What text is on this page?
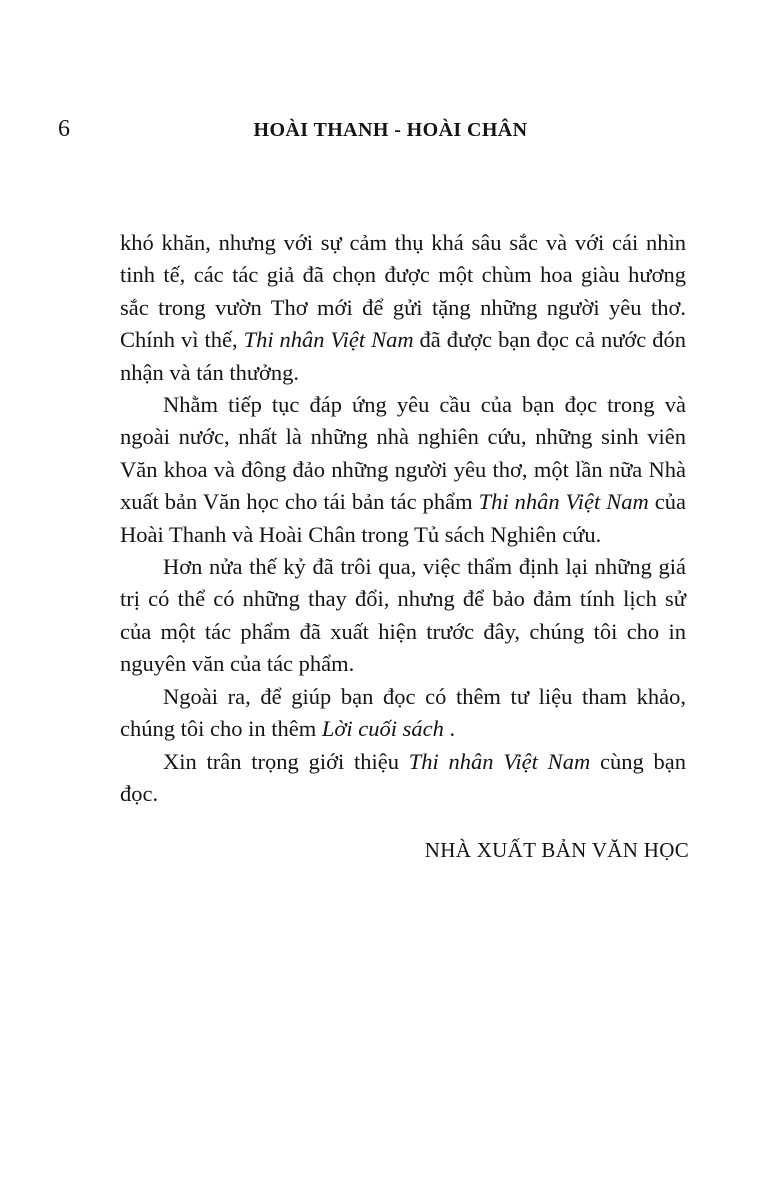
6	HOÀI THANH - HOÀI CHÂN

khó khăn, nhưng với sự cảm thụ khá sâu sắc và với cái nhìn tinh tế, các tác giả đã chọn được một chùm hoa giàu hương sắc trong vườn Thơ mới để gửi tặng những người yêu thơ. Chính vì thế, Thi nhân Việt Nam đã được bạn đọc cả nước đón nhận và tán thưởng.

Nhằm tiếp tục đáp ứng yêu cầu của bạn đọc trong và ngoài nước, nhất là những nhà nghiên cứu, những sinh viên Văn khoa và đông đảo những người yêu thơ, một lần nữa Nhà xuất bản Văn học cho tái bản tác phẩm Thi nhân Việt Nam của Hoài Thanh và Hoài Chân trong Tủ sách Nghiên cứu.

Hơn nửa thế kỷ đã trôi qua, việc thẩm định lại những giá trị có thể có những thay đổi, nhưng để bảo đảm tính lịch sử của một tác phẩm đã xuất hiện trước đây, chúng tôi cho in nguyên văn của tác phẩm.

Ngoài ra, để giúp bạn đọc có thêm tư liệu tham khảo, chúng tôi cho in thêm Lời cuối sách .

Xin trân trọng giới thiệu Thi nhân Việt Nam cùng bạn đọc.

NHÀ XUẤT BẢN VĂN HỌC
